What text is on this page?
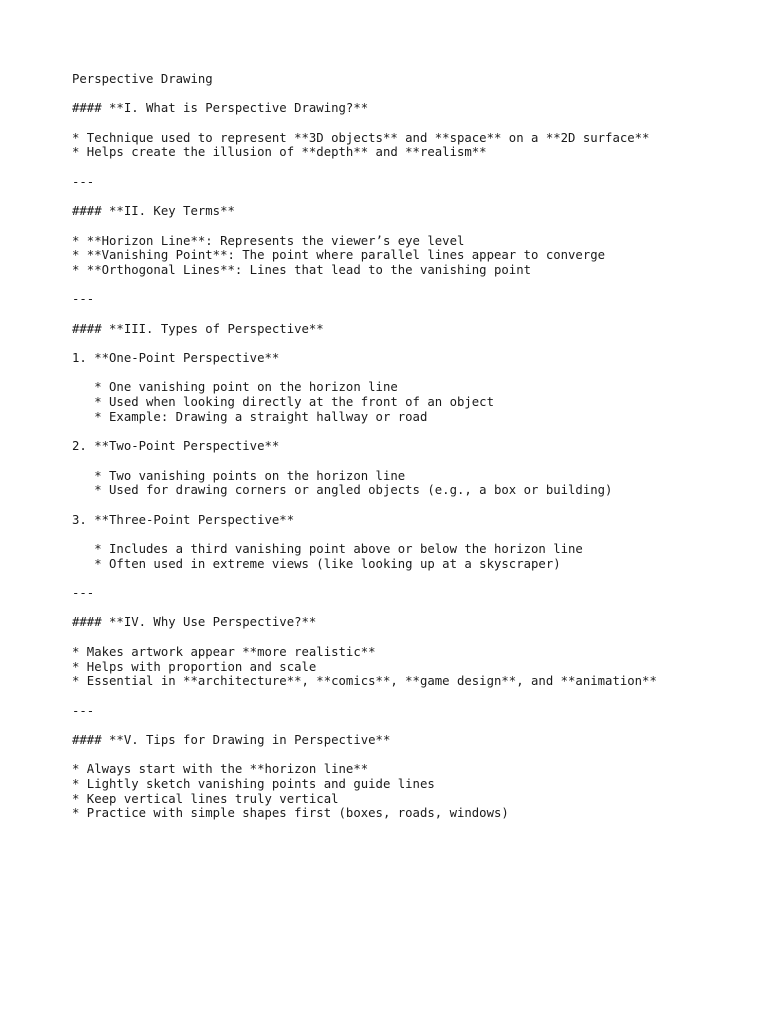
Perspective Drawing
#### **I. What is Perspective Drawing?**
* Technique used to represent **3D objects** and **space** on a **2D surface**
* Helps create the illusion of **depth** and **realism**
---
#### **II. Key Terms**
* **Horizon Line**: Represents the viewer’s eye level
* **Vanishing Point**: The point where parallel lines appear to converge
* **Orthogonal Lines**: Lines that lead to the vanishing point
---
#### **III. Types of Perspective**
1. **One-Point Perspective**
* One vanishing point on the horizon line
* Used when looking directly at the front of an object
* Example: Drawing a straight hallway or road
2. **Two-Point Perspective**
* Two vanishing points on the horizon line
* Used for drawing corners or angled objects (e.g., a box or building)
3. **Three-Point Perspective**
* Includes a third vanishing point above or below the horizon line
* Often used in extreme views (like looking up at a skyscraper)
---
#### **IV. Why Use Perspective?**
* Makes artwork appear **more realistic**
* Helps with proportion and scale
* Essential in **architecture**, **comics**, **game design**, and **animation**
---
#### **V. Tips for Drawing in Perspective**
* Always start with the **horizon line**
* Lightly sketch vanishing points and guide lines
* Keep vertical lines truly vertical
* Practice with simple shapes first (boxes, roads, windows)
